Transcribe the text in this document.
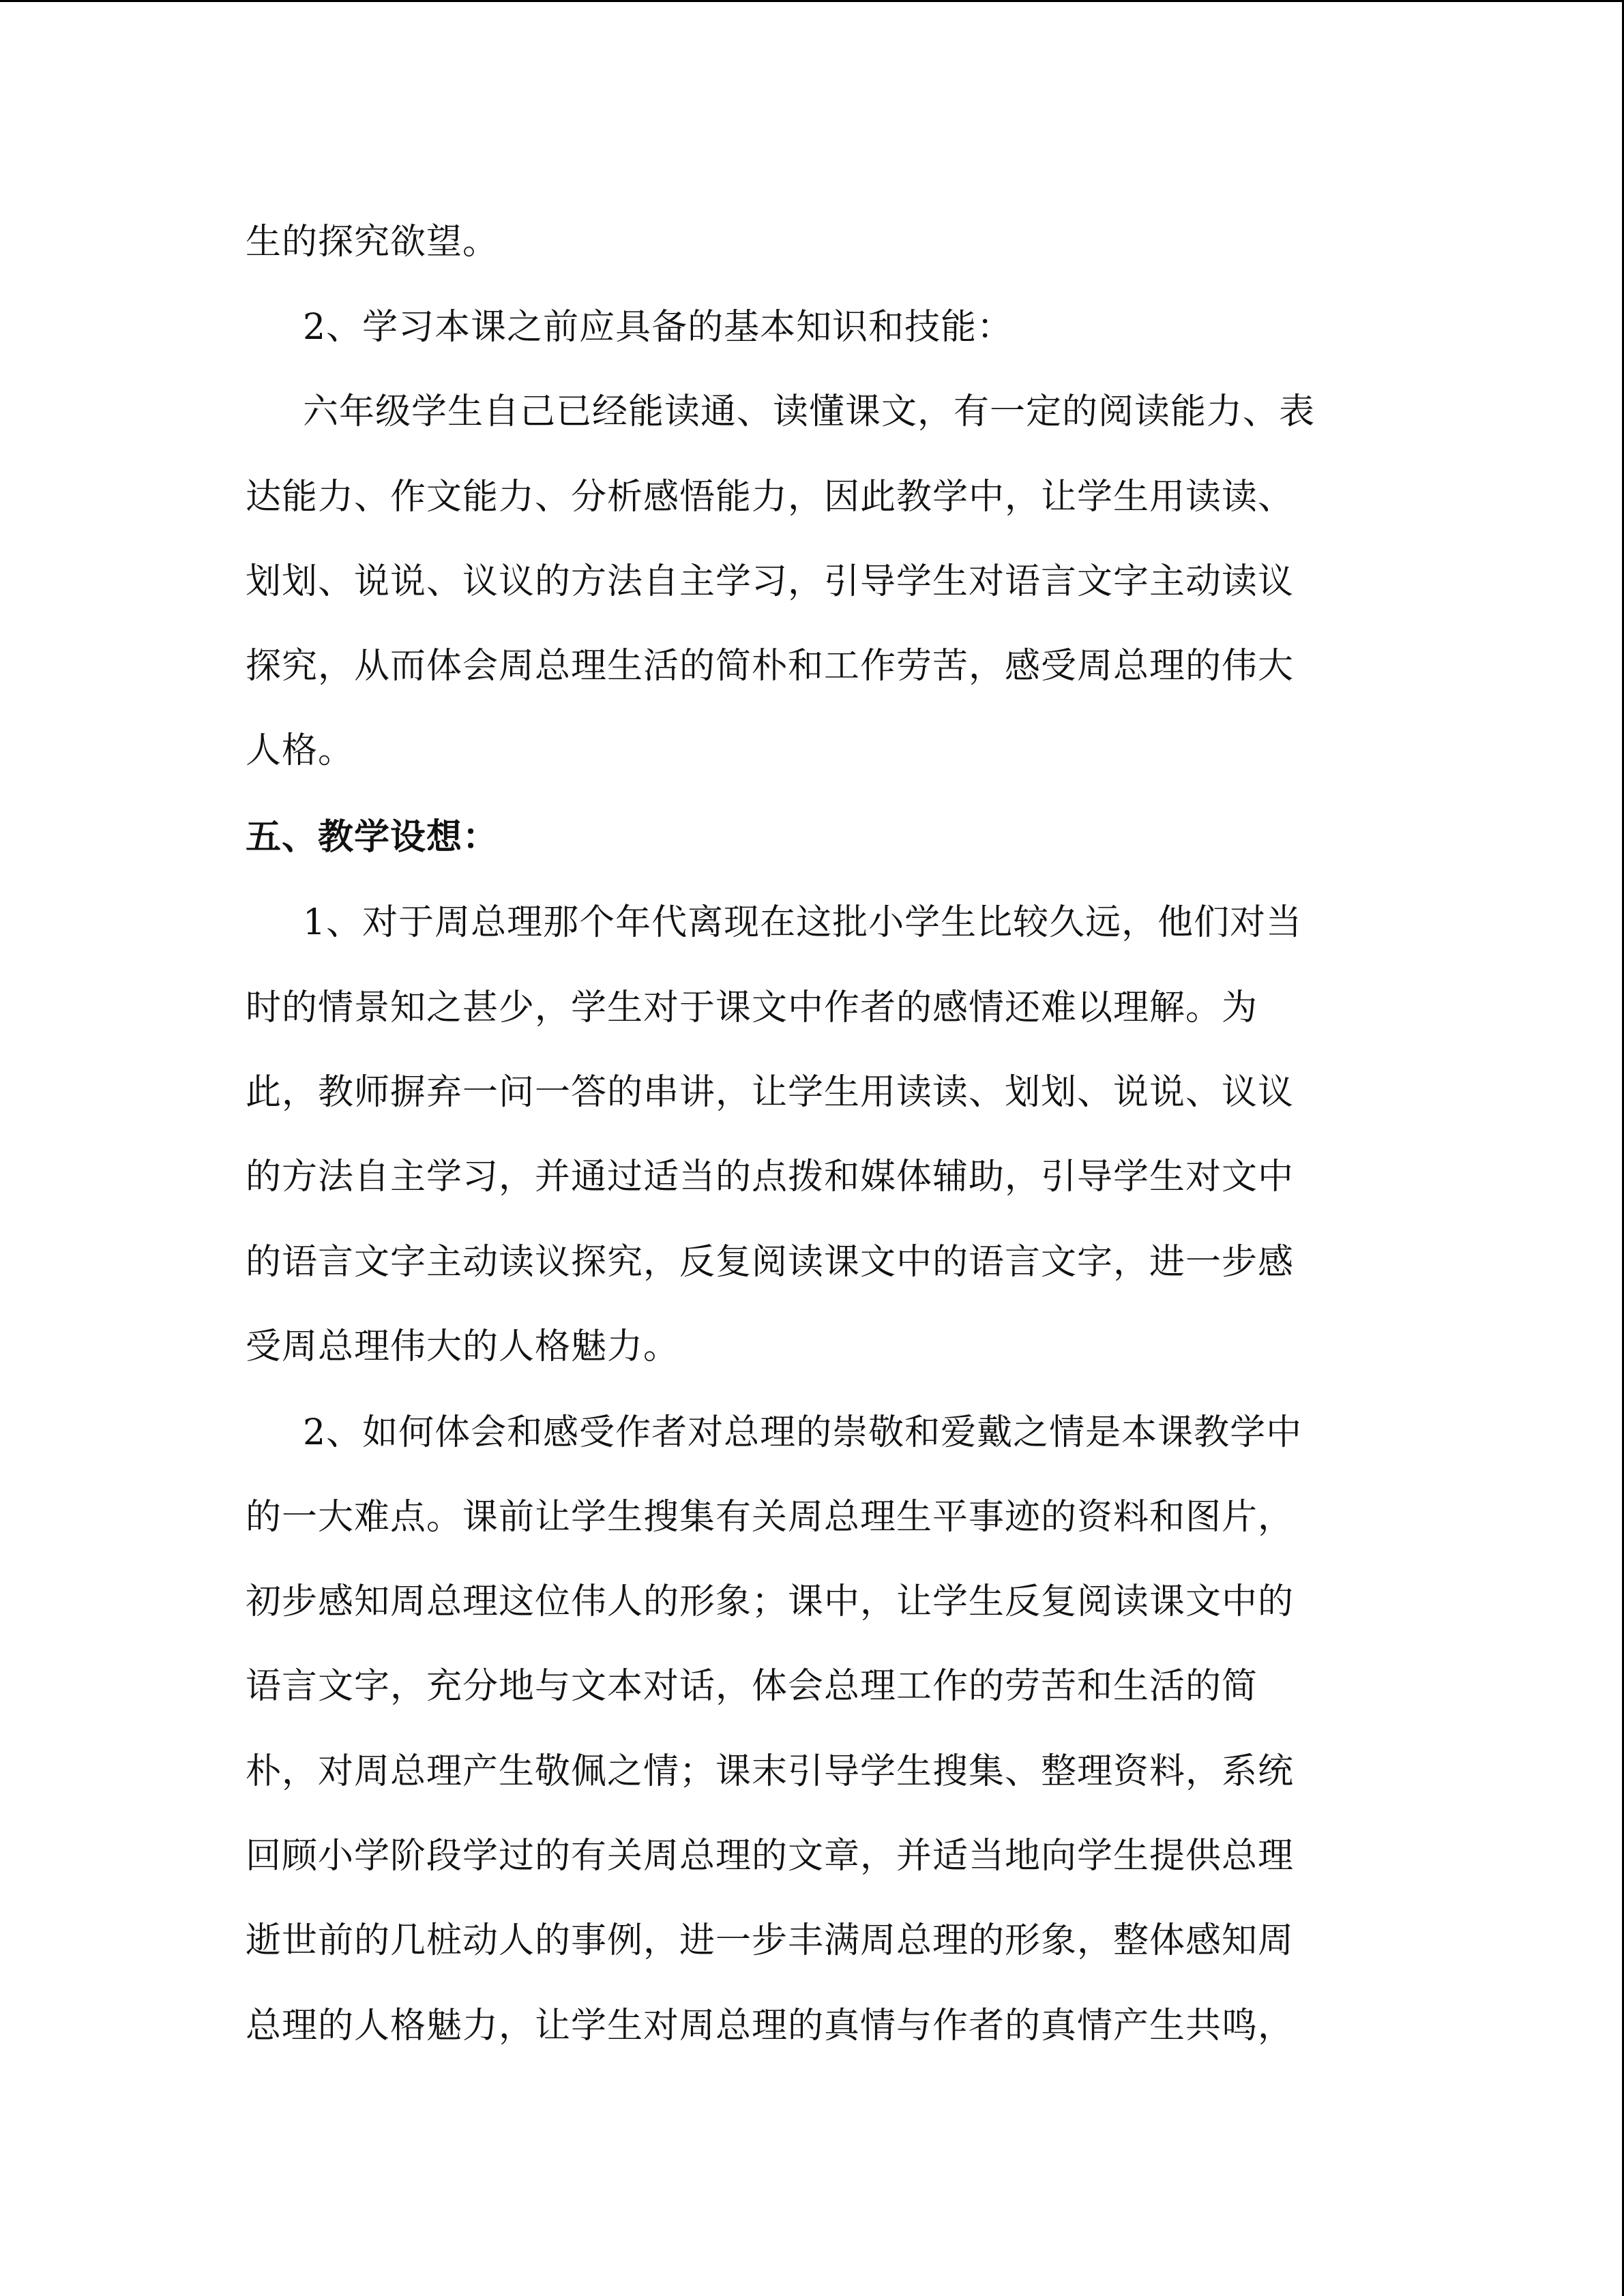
生的探究欲望。
2、学习本课之前应具备的基本知识和技能：
六年级学生自己已经能读通、读懂课文，有一定的阅读能力、表
达能力、作文能力、分析感悟能力，因此教学中，让学生用读读、
划划、说说、议议的方法自主学习，引导学生对语言文字主动读议
探究，从而体会周总理生活的简朴和工作劳苦，感受周总理的伟大
人格。
五、教学设想：
1、对于周总理那个年代离现在这批小学生比较久远，他们对当
时的情景知之甚少，学生对于课文中作者的感情还难以理解。为
此，教师摒弃一问一答的串讲，让学生用读读、划划、说说、议议
的方法自主学习，并通过适当的点拨和媒体辅助，引导学生对文中
的语言文字主动读议探究，反复阅读课文中的语言文字，进一步感
受周总理伟大的人格魅力。
2、如何体会和感受作者对总理的崇敬和爱戴之情是本课教学中
的一大难点。课前让学生搜集有关周总理生平事迹的资料和图片，
初步感知周总理这位伟人的形象；课中，让学生反复阅读课文中的
语言文字，充分地与文本对话，体会总理工作的劳苦和生活的简
朴，对周总理产生敬佩之情；课末引导学生搜集、整理资料，系统
回顾小学阶段学过的有关周总理的文章，并适当地向学生提供总理
逝世前的几桩动人的事例，进一步丰满周总理的形象，整体感知周
总理的人格魅力，让学生对周总理的真情与作者的真情产生共鸣，
